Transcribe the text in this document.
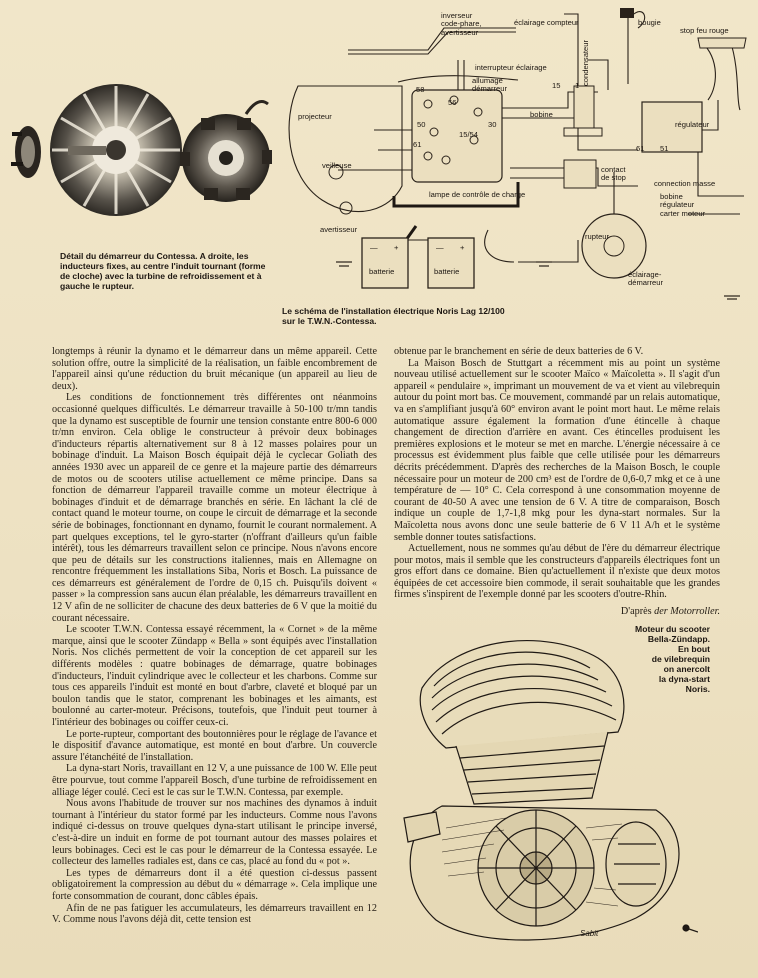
Détail du démarreur du Contessa. A droite, les inducteurs fixes, au centre l'induit tournant (forme de cloche) avec la turbine de refroidissement et à gauche le rupteur.
inverseur
code-phare,
avertisseur
éclairage compteur	bougie
stop feu rouge
interrupteur éclairage
allumage
démarreur
projecteur
veilleuse
bobine
condensateur
régulateur
contact
de stop
lampe de contrôle de charge
connection masse
bobine
régulateur
carter moteur
avertisseur
rupteur
éclairage-
démarreur
batterie	batterie
58
56
50	30
61
15/54
15 1
61 51
— +	— +
Le schéma de l'installation électrique Noris Lag 12/100
sur le T.W.N.-Contessa.

longtemps à réunir la dynamo et le démarreur dans un même appareil. Cette solution offre, outre la simplicité de la réalisation, un faible encombrement de l'appareil ainsi qu'une réduction du bruit mécanique (un appareil au lieu de deux).

Les conditions de fonctionnement très différentes ont néanmoins occasionné quelques difficultés. Le démarreur travaille à 50-100 tr/mn tandis que la dynamo est susceptible de fournir une tension constante entre 800-6 000 tr/mn environ. Cela oblige le constructeur à prévoir deux bobinages d'inducteurs répartis alternativement sur 8 à 12 masses polaires pour un bobinage d'induit. La Maison Bosch équipait déjà le cyclecar Goliath des années 1930 avec un appareil de ce genre et la majeure partie des démarreurs de motos ou de scooters utilise actuellement ce même principe. Dans sa fonction de démarreur l'appareil travaille comme un moteur électrique à bobinages d'induit et de démarrage branchés en série. En lâchant la clé de contact quand le moteur tourne, on coupe le circuit de démarrage et la seconde série de bobinages, fonctionnant en dynamo, fournit le courant normalement. A part quelques exceptions, tel le gyro-starter (n'offrant d'ailleurs qu'un faible intérêt), tous les démarreurs travaillent selon ce principe. Nous n'avons encore que peu de détails sur les constructions italiennes, mais en Allemagne on rencontre fréquemment les installations Siba, Noris et Bosch. La puissance de ces démarreurs est généralement de l'ordre de 0,15 ch. Puisqu'ils doivent « passer » la compression sans aucun élan préalable, les démarreurs travaillent en 12 V afin de ne solliciter de chacune des deux batteries de 6 V que la moitié du courant nécessaire.

Le scooter T.W.N. Contessa essayé récemment, la « Cornet » de la même marque, ainsi que le scooter Zündapp « Bella » sont équipés avec l'installation Noris. Nos clichés permettent de voir la conception de cet appareil sur les différents modèles : quatre bobinages de démarrage, quatre bobinages d'inducteurs, l'induit cylindrique avec le collecteur et les charbons. Comme sur tous ces appareils l'induit est monté en bout d'arbre, claveté et bloqué par un boulon tandis que le stator, comprenant les bobinages et les aimants, est boulonné au carter-moteur. Précisons, toutefois, que l'induit peut tourner à l'intérieur des bobinages ou coiffer ceux-ci.

Le porte-rupteur, comportant des boutonnières pour le réglage de l'avance et le dispositif d'avance automatique, est monté en bout d'arbre. Un couvercle assure l'étanchéité de l'installation.

La dyna-start Noris, travaillant en 12 V, a une puissance de 100 W. Elle peut être pourvue, tout comme l'appareil Bosch, d'une turbine de refroidissement en alliage léger coulé. Ceci est le cas sur le T.W.N. Contessa, par exemple.

Nous avons l'habitude de trouver sur nos machines des dynamos à induit tournant à l'intérieur du stator formé par les inducteurs. Comme nous l'avons indiqué ci-dessus on trouve quelques dyna-start utilisant le principe inversé, c'est-à-dire un induit en forme de pot tournant autour des masses polaires et leurs bobinages. Ceci est le cas pour le démarreur de la Contessa essayée. Le collecteur des lamelles radiales est, dans ce cas, placé au fond du « pot ».

Les types de démarreurs dont il a été question ci-dessus passent obligatoirement la compression au début du « démarrage ». Cela implique une forte consommation de courant, donc câbles épais.

Afin de ne pas fatiguer les accumulateurs, les démarreurs travaillent en 12 V. Comme nous l'avons déjà dit, cette tension est

obtenue par le branchement en série de deux batteries de 6 V.

La Maison Bosch de Stuttgart a récemment mis au point un système nouveau utilisé actuellement sur le scooter Maïco « Maïcoletta ». Il s'agit d'un appareil « pendulaire », imprimant un mouvement de va et vient au vilebrequin autour du point mort bas. Ce mouvement, commandé par un relais automatique, va en s'amplifiant jusqu'à 60° environ avant le point mort haut. Le même relais automatique assure également la formation d'une étincelle à chaque changement de direction d'arrière en avant. Ces étincelles produisent les premières explosions et le moteur se met en marche. L'énergie nécessaire à ce processus est évidemment plus faible que celle utilisée pour les démarreurs décrits précédemment. D'après des recherches de la Maison Bosch, le couple nécessaire pour un moteur de 200 cm³ est de l'ordre de 0,6-0,7 mkg et ce à une température de — 10° C. Cela correspond à une consommation moyenne de courant de 40-50 A avec une tension de 6 V. A titre de comparaison, Bosch indique un couple de 1,7-1,8 mkg pour les dyna-start normales. Sur la Maïcoletta nous avons donc une seule batterie de 6 V 11 A/h et le système semble donner toutes satisfactions.

Actuellement, nous ne sommes qu'au début de l'ère du démarreur électrique pour motos, mais il semble que les constructeurs d'appareils électriques font un gros effort dans ce domaine. Bien qu'actuellement il n'existe que deux motos équipées de cet accessoire bien commode, il serait souhaitable que les grandes firmes s'inspirent de l'exemple donné par les scooters d'outre-Rhin.

D'après der Motorroller.

Sabit
Moteur du scooter
Bella-Zündapp.
En bout
de vilebrequin
on anercolt
la dyna-start
Noris.
